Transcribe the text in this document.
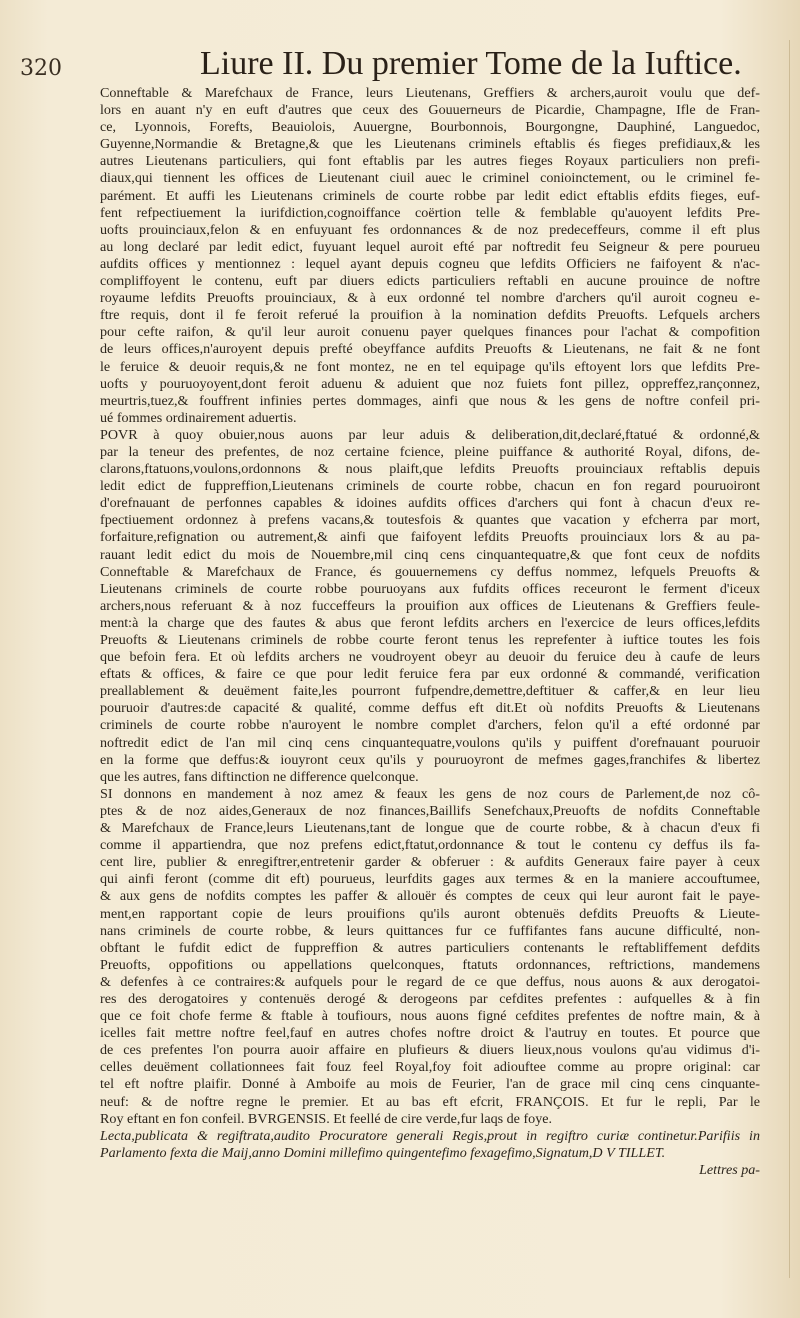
320	Liure II. Du premier Tome de la Iuftice.

Conneftable & Marefchaux de France, leurs Lieutenans, Greffiers & archers,auroit voulu que def-

lors en auant n'y en euft d'autres que ceux des Gouuerneurs de Picardie, Champagne, Ifle de Fran-

ce, Lyonnois, Forefts, Beauiolois, Auuergne, Bourbonnois, Bourgongne, Dauphiné, Languedoc,

Guyenne,Normandie & Bretagne,& que les Lieutenans criminels eftablis és fieges prefidiaux,& les

autres Lieutenans particuliers, qui font eftablis par les autres fieges Royaux particuliers non prefi-

diaux,qui tiennent les offices de Lieutenant ciuil auec le criminel conioinctement, ou le criminel fe-

parément. Et auffi les Lieutenans criminels de courte robbe par ledit edict eftablis efdits fieges, euf-

fent refpectiuement la iurifdiction,cognoiffance coërtion telle & femblable qu'auoyent lefdits Pre-

uofts prouinciaux,felon & en enfuyuant fes ordonnances & de noz predeceffeurs, comme il eft plus

au long declaré par ledit edict, fuyuant lequel auroit efté par noftredit feu Seigneur & pere pourueu

aufdits offices y mentionnez : lequel ayant depuis cogneu que lefdits Officiers ne faifoyent & n'ac-

compliffoyent le contenu, euft par diuers edicts particuliers reftabli en aucune prouince de noftre

royaume lefdits Preuofts prouinciaux, & à eux ordonné tel nombre d'archers qu'il auroit cogneu e-

ftre requis, dont il fe feroit referué la prouifion à la nomination defdits Preuofts. Lefquels archers

pour cefte raifon, & qu'il leur auroit conuenu payer quelques finances pour l'achat & compofition

de leurs offices,n'auroyent depuis prefté obeyffance aufdits Preuofts & Lieutenans, ne fait & ne font

le feruice & deuoir requis,& ne font montez, ne en tel equipage qu'ils eftoyent lors que lefdits Pre-

uofts y pouruoyoyent,dont feroit aduenu & aduient que noz fuiets font pillez, oppreffez,rançonnez,

meurtris,tuez,& fouffrent infinies pertes dommages, ainfi que nous & les gens de noftre confeil pri-

ué fommes ordinairement aduertis.

POVR à quoy obuier,nous auons par leur aduis & deliberation,dit,declaré,ftatué & ordonné,&

par la teneur des prefentes, de noz certaine fcience, pleine puiffance & authorité Royal, difons, de-

clarons,ftatuons,voulons,ordonnons & nous plaift,que lefdits Preuofts prouinciaux reftablis depuis

ledit edict de fuppreffion,Lieutenans criminels de courte robbe, chacun en fon regard pouruoiront

d'orefnauant de perfonnes capables & idoines aufdits offices d'archers qui font à chacun d'eux re-

fpectiuement ordonnez à prefens vacans,& toutesfois & quantes que vacation y efcherra par mort,

forfaiture,refignation ou autrement,& ainfi que faifoyent lefdits Preuofts prouinciaux lors & au pa-

rauant ledit edict du mois de Nouembre,mil cinq cens cinquantequatre,& que font ceux de nofdits

Conneftable & Marefchaux de France, és gouuernemens cy deffus nommez, lefquels Preuofts &

Lieutenans criminels de courte robbe pouruoyans aux fufdits offices receuront le ferment d'iceux

archers,nous referuant & à noz fucceffeurs la prouifion aux offices de Lieutenans & Greffiers feule-

ment:à la charge que des fautes & abus que feront lefdits archers en l'exercice de leurs offices,lefdits

Preuofts & Lieutenans criminels de robbe courte feront tenus les reprefenter à iuftice toutes les fois

que befoin fera. Et où lefdits archers ne voudroyent obeyr au deuoir du feruice deu à caufe de leurs

eftats & offices, & faire ce que pour ledit feruice fera par eux ordonné & commandé, verification

preallablement & deuëment faite,les pourront fufpendre,demettre,deftituer & caffer,& en leur lieu

pouruoir d'autres:de capacité & qualité, comme deffus eft dit.Et où nofdits Preuofts & Lieutenans

criminels de courte robbe n'auroyent le nombre complet d'archers, felon qu'il a efté ordonné par

noftredit edict de l'an mil cinq cens cinquantequatre,voulons qu'ils y puiffent d'orefnauant pouruoir

en la forme que deffus:& iouyront ceux qu'ils y pouruoyront de mefmes gages,franchifes & libertez

que les autres, fans diftinction ne difference quelconque.

SI donnons en mandement à noz amez & feaux les gens de noz cours de Parlement,de noz cô-

ptes & de noz aides,Generaux de noz finances,Baillifs Senefchaux,Preuofts de nofdits Conneftable

& Marefchaux de France,leurs Lieutenans,tant de longue que de courte robbe, & à chacun d'eux fi

comme il appartiendra, que noz prefens edict,ftatut,ordonnance & tout le contenu cy deffus ils fa-

cent lire, publier & enregiftrer,entretenir garder & obferuer : & aufdits Generaux faire payer à ceux

qui ainfi feront (comme dit eft) pourueus, leurfdits gages aux termes & en la maniere accouftumee,

& aux gens de nofdits comptes les paffer & allouër és comptes de ceux qui leur auront fait le paye-

ment,en rapportant copie de leurs prouifions qu'ils auront obtenuës defdits Preuofts & Lieute-

nans criminels de courte robbe, & leurs quittances fur ce fuffifantes fans aucune difficulté, non-

obftant le fufdit edict de fuppreffion & autres particuliers contenants le reftabliffement defdits

Preuofts, oppofitions ou appellations quelconques, ftatuts ordonnances, reftrictions, mandemens

& defenfes à ce contraires:& aufquels pour le regard de ce que deffus, nous auons & aux derogatoi-

res des derogatoires y contenuës derogé & derogeons par cefdites prefentes : aufquelles & à fin

que ce foit chofe ferme & ftable à toufiours, nous auons figné cefdites prefentes de noftre main, & à

icelles fait mettre noftre feel,fauf en autres chofes noftre droict & l'autruy en toutes. Et pource que

de ces prefentes l'on pourra auoir affaire en plufieurs & diuers lieux,nous voulons qu'au vidimus d'i-

celles deuëment collationnees fait fouz feel Royal,foy foit adiouftee comme au propre original: car

tel eft noftre plaifir. Donné à Amboife au mois de Feurier, l'an de grace mil cinq cens cinquante-

neuf: & de noftre regne le premier. Et au bas eft efcrit, FRANÇOIS. Et fur le repli, Par le

Roy eftant en fon confeil. BVRGENSIS. Et feellé de cire verde,fur laqs de foye.

Lecta,publicata & regiftrata,audito Procuratore generali Regis,prout in regiftro curiæ continetur.Parifiis in

Parlamento fexta die Maij,anno Domini millefimo quingentefimo fexagefimo,Signatum,D V TILLET.

Lettres pa-
